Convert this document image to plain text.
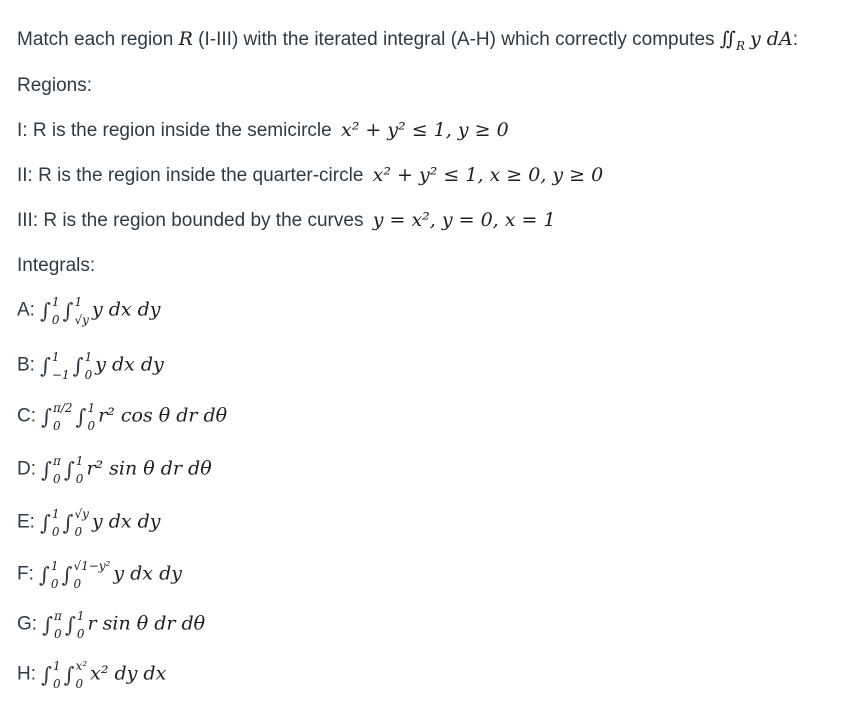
Match each region R (I-III) with the iterated integral (A-H) which correctly computes $∬_R$ y dA:
Regions:
I: R is the region inside the semicircle x² + y² ≤ 1, y ≥ 0
II: R is the region inside the quarter-circle x² + y² ≤ 1, x ≥ 0, y ≥ 0
III: R is the region bounded by the curves y = x², y = 0, x = 1
Integrals:
A: ∫ 1
0 ∫ 1
√y y dx dy
B: ∫ 1
−1 ∫ 1
0 y dx dy
C: ∫ π/2
0 ∫ 1
0 r² cos θ dr dθ
D: ∫ π
0 ∫ 1
0 r² sin θ dr dθ
E: ∫ 1
0 ∫ √y
0 y dx dy
F: ∫ 1
0 ∫ √1−y²
0	y dx dy
G: ∫ π
0 ∫ 1
0 r sin θ dr dθ
H: ∫ 1
0 ∫ x²
0 x² dy dx
